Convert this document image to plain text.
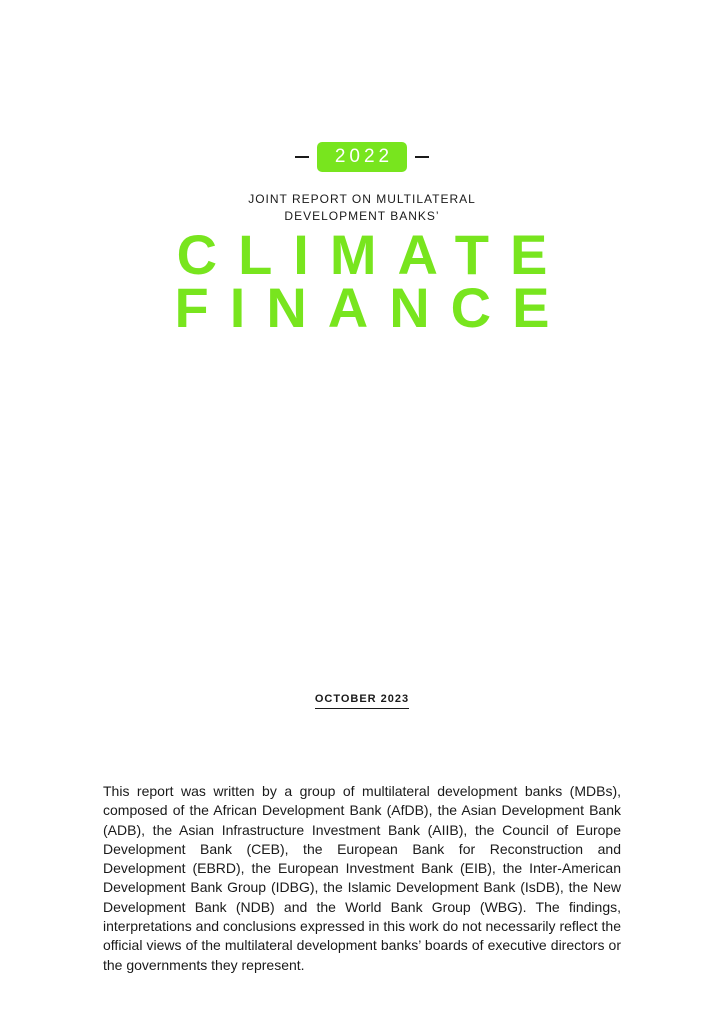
2022
JOINT REPORT ON MULTILATERAL
DEVELOPMENT BANKS’
CLIMATE
FINANCE
OCTOBER 2023

This report was written by a group of multilateral development banks (MDBs), composed of the African Development Bank (AfDB), the Asian Development Bank (ADB), the Asian Infrastructure Investment Bank (AIIB), the Council of Europe Development Bank (CEB), the European Bank for Reconstruction and Development (EBRD), the European Investment Bank (EIB), the Inter-American Development Bank Group (IDBG), the Islamic Development Bank (IsDB), the New Development Bank (NDB) and the World Bank Group (WBG). The findings, interpretations and conclusions expressed in this work do not necessarily reflect the official views of the multilateral development banks’ boards of executive directors or the governments they represent.
